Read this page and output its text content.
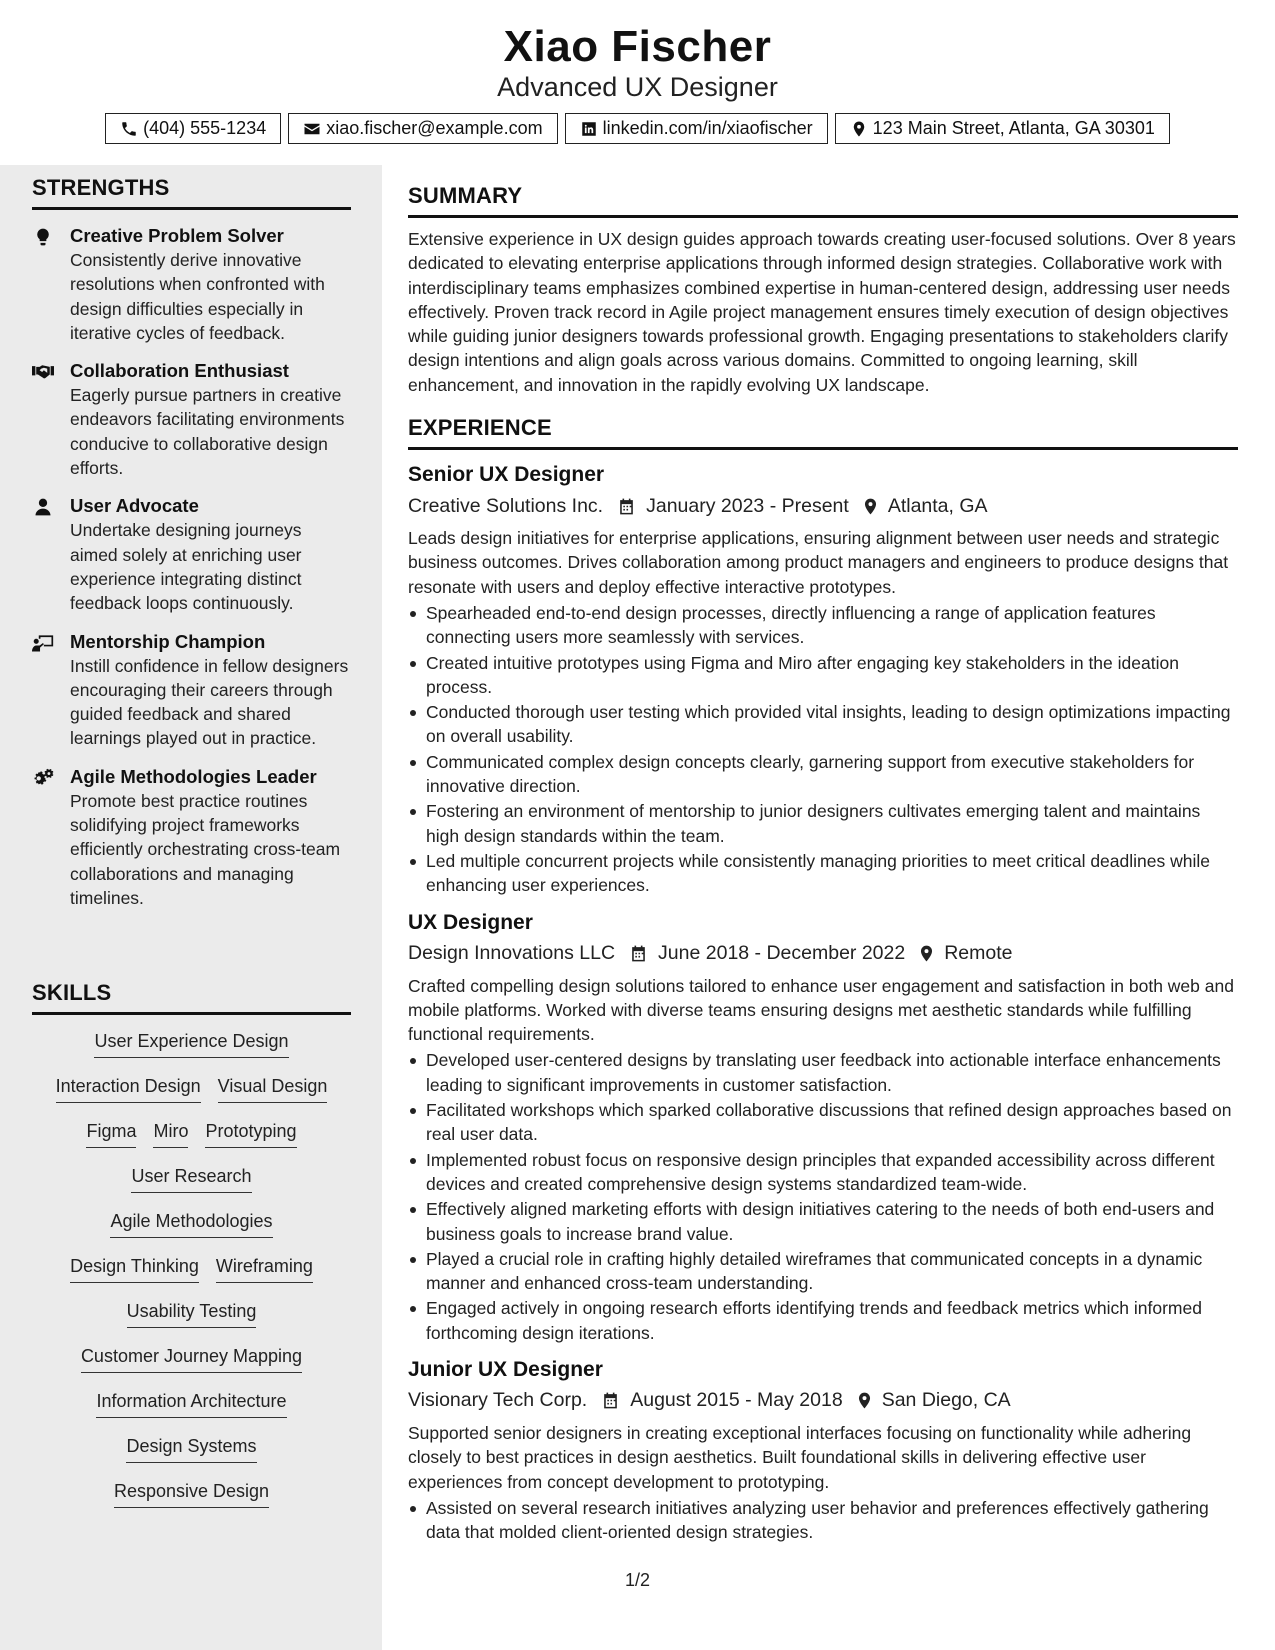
Xiao Fischer
Advanced UX Designer
(404) 555-1234	xiao.fischer@example.com	linkedin.com/in/xiaofischer	123 Main Street, Atlanta, GA 30301
STRENGTHS
Creative Problem Solver
Consistently derive innovative resolutions when confronted with design difficulties especially in iterative cycles of feedback.
Collaboration Enthusiast
Eagerly pursue partners in creative endeavors facilitating environments conducive to collaborative design efforts.
User Advocate
Undertake designing journeys aimed solely at enriching user experience integrating distinct feedback loops continuously.
Mentorship Champion
Instill confidence in fellow designers encouraging their careers through guided feedback and shared learnings played out in practice.
Agile Methodologies Leader
Promote best practice routines solidifying project frameworks efficiently orchestrating cross-team collaborations and managing timelines.
SKILLS
User Experience Design
Interaction Design Visual Design
Figma Miro Prototyping
User Research
Agile Methodologies
Design Thinking Wireframing
Usability Testing
Customer Journey Mapping
Information Architecture
Design Systems
Responsive Design
SUMMARY
Extensive experience in UX design guides approach towards creating user-focused solutions. Over 8 years dedicated to elevating enterprise applications through informed design strategies. Collaborative work with interdisciplinary teams emphasizes combined expertise in human-centered design, addressing user needs effectively. Proven track record in Agile project management ensures timely execution of design objectives while guiding junior designers towards professional growth. Engaging presentations to stakeholders clarify design intentions and align goals across various domains. Committed to ongoing learning, skill enhancement, and innovation in the rapidly evolving UX landscape.
EXPERIENCE
Senior UX Designer
Creative Solutions Inc. January 2023 - Present Atlanta, GA
Leads design initiatives for enterprise applications, ensuring alignment between user needs and strategic business outcomes. Drives collaboration among product managers and engineers to produce designs that resonate with users and deploy effective interactive prototypes.
Spearheaded end-to-end design processes, directly influencing a range of application features connecting users more seamlessly with services.
Created intuitive prototypes using Figma and Miro after engaging key stakeholders in the ideation process.
Conducted thorough user testing which provided vital insights, leading to design optimizations impacting on overall usability.
Communicated complex design concepts clearly, garnering support from executive stakeholders for innovative direction.
Fostering an environment of mentorship to junior designers cultivates emerging talent and maintains high design standards within the team.
Led multiple concurrent projects while consistently managing priorities to meet critical deadlines while enhancing user experiences.
UX Designer
Design Innovations LLC June 2018 - December 2022 Remote
Crafted compelling design solutions tailored to enhance user engagement and satisfaction in both web and mobile platforms. Worked with diverse teams ensuring designs met aesthetic standards while fulfilling functional requirements.
Developed user-centered designs by translating user feedback into actionable interface enhancements leading to significant improvements in customer satisfaction.
Facilitated workshops which sparked collaborative discussions that refined design approaches based on real user data.
Implemented robust focus on responsive design principles that expanded accessibility across different devices and created comprehensive design systems standardized team-wide.
Effectively aligned marketing efforts with design initiatives catering to the needs of both end-users and business goals to increase brand value.
Played a crucial role in crafting highly detailed wireframes that communicated concepts in a dynamic manner and enhanced cross-team understanding.
Engaged actively in ongoing research efforts identifying trends and feedback metrics which informed forthcoming design iterations.
Junior UX Designer
Visionary Tech Corp. August 2015 - May 2018 San Diego, CA
Supported senior designers in creating exceptional interfaces focusing on functionality while adhering closely to best practices in design aesthetics. Built foundational skills in delivering effective user experiences from concept development to prototyping.
Assisted on several research initiatives analyzing user behavior and preferences effectively gathering data that molded client-oriented design strategies.
1/2
